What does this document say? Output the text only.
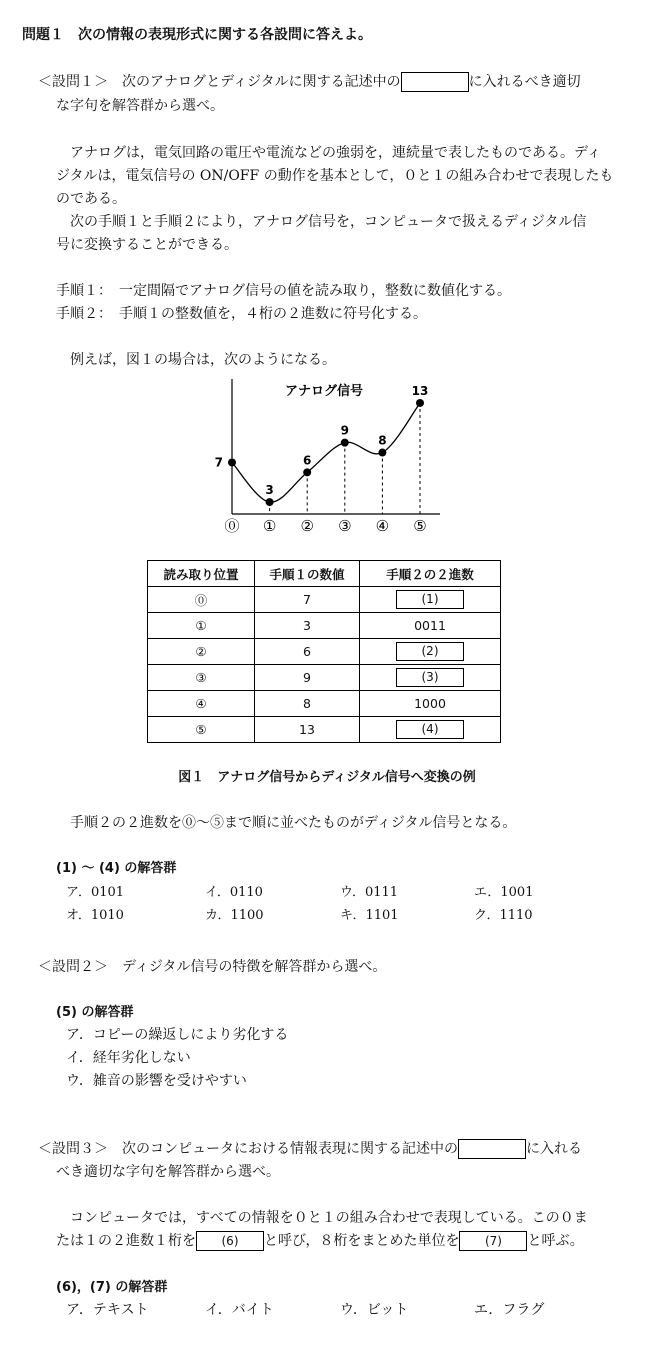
問題１　次の情報の表現形式に関する各設問に答えよ。
＜設問１＞　次のアナログとディジタルに関する記述中の	に入れるべき適切
な字句を解答群から選べ。
アナログは，電気回路の電圧や電流などの強弱を，連続量で表したものである。ディ
ジタルは，電気信号の ON/OFF の動作を基本として，０と１の組み合わせで表現したも
のである。
次の手順１と手順２により，アナログ信号を，コンピュータで扱えるディジタル信
号に変換することができる。
手順１：　一定間隔でアナログ信号の値を読み取り，整数に数値化する。
手順２：　手順１の整数値を，４桁の２進数に符号化する。
例えば，図１の場合は，次のようになる。
アナログ信号
7
⓪
3
①
6
②
9
③
8
④
13
⑤
読み取り位置	手順１の数値	手順２の２進数
⓪	7	(1)
①	3	0011
②	6	(2)
③	9	(3)
④	8	1000
⑤	13	(4)
図１　アナログ信号からディジタル信号へ変換の例
手順２の２進数を⓪～⑤まで順に並べたものがディジタル信号となる。
(1) ～ (4) の解答群
ア．0101	イ．0110	ウ．0111	エ．1001
オ．1010	カ．1100	キ．1101	ク．1110
＜設問２＞　ディジタル信号の特徴を解答群から選べ。
(5) の解答群
ア．コピーの繰返しにより劣化する
イ．経年劣化しない
ウ．雑音の影響を受けやすい
＜設問３＞　次のコンピュータにおける情報表現に関する記述中の	に入れる
べき適切な字句を解答群から選べ。
コンピュータでは，すべての情報を０と１の組み合わせで表現している。この０ま
たは１の２進数１桁を (6) と呼び，８桁をまとめた単位を (7) と呼ぶ。
(6)，(7) の解答群
ア．テキスト	イ．バイト	ウ．ビット	エ．フラグ
